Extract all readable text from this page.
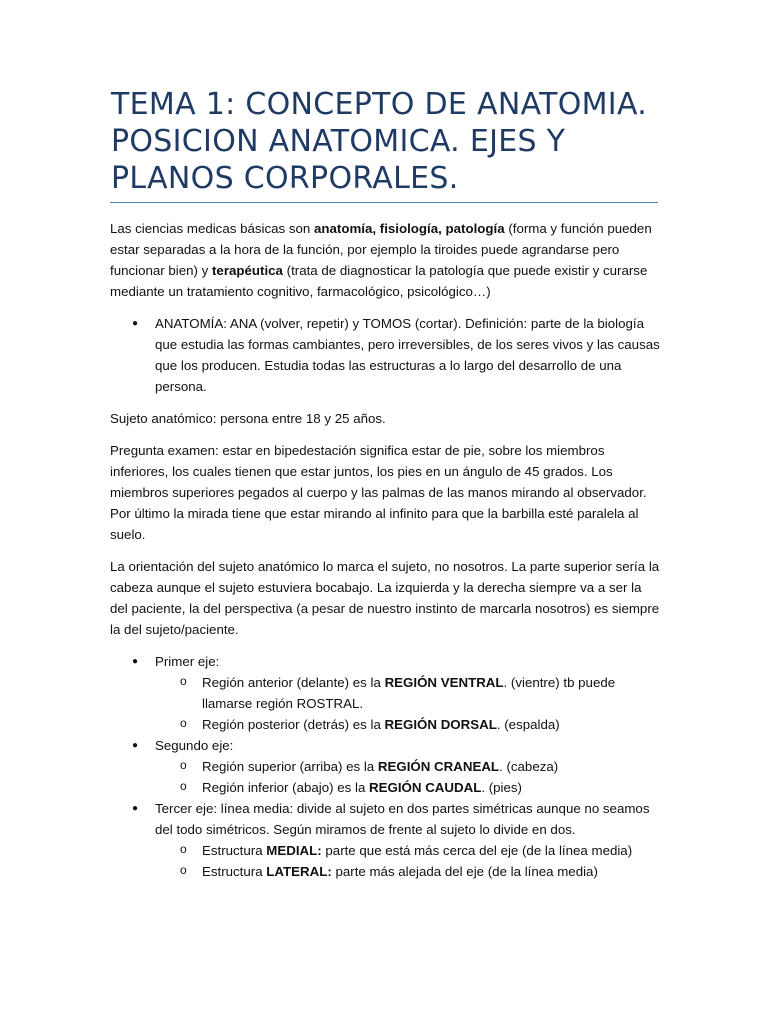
TEMA 1: CONCEPTO DE ANATOMIA.
POSICION ANATOMICA. EJES Y
PLANOS CORPORALES.

Las ciencias medicas básicas son anatomía, fisiología, patología (forma y función pueden estar separadas a la hora de la función, por ejemplo la tiroides puede agrandarse pero funcionar bien) y terapéutica (trata de diagnosticar la patología que puede existir y curarse mediante un tratamiento cognitivo, farmacológico, psicológico…)

● ANATOMÍA: ANA (volver, repetir) y TOMOS (cortar). Definición: parte de la biología que estudia las formas cambiantes, pero irreversibles, de los seres vivos y las causas que los producen. Estudia todas las estructuras a lo largo del desarrollo de una persona.

Sujeto anatómico: persona entre 18 y 25 años.

Pregunta examen: estar en bipedestación significa estar de pie, sobre los miembros inferiores, los cuales tienen que estar juntos, los pies en un ángulo de 45 grados. Los miembros superiores pegados al cuerpo y las palmas de las manos mirando al observador. Por último la mirada tiene que estar mirando al infinito para que la barbilla esté paralela al suelo.

La orientación del sujeto anatómico lo marca el sujeto, no nosotros. La parte superior sería la cabeza aunque el sujeto estuviera bocabajo. La izquierda y la derecha siempre va a ser la del paciente, la del perspectiva (a pesar de nuestro instinto de marcarla nosotros) es siempre la del sujeto/paciente.

● Primer eje:
o Región anterior (delante) es la REGIÓN VENTRAL. (vientre) tb puede llamarse región ROSTRAL.
o Región posterior (detrás) es la REGIÓN DORSAL. (espalda)
● Segundo eje:
o Región superior (arriba) es la REGIÓN CRANEAL. (cabeza)
o Región inferior (abajo) es la REGIÓN CAUDAL. (pies)
● Tercer eje: línea media: divide al sujeto en dos partes simétricas aunque no seamos del todo simétricos. Según miramos de frente al sujeto lo divide en dos.
o Estructura MEDIAL: parte que está más cerca del eje (de la línea media)
o Estructura LATERAL: parte más alejada del eje (de la línea media)
